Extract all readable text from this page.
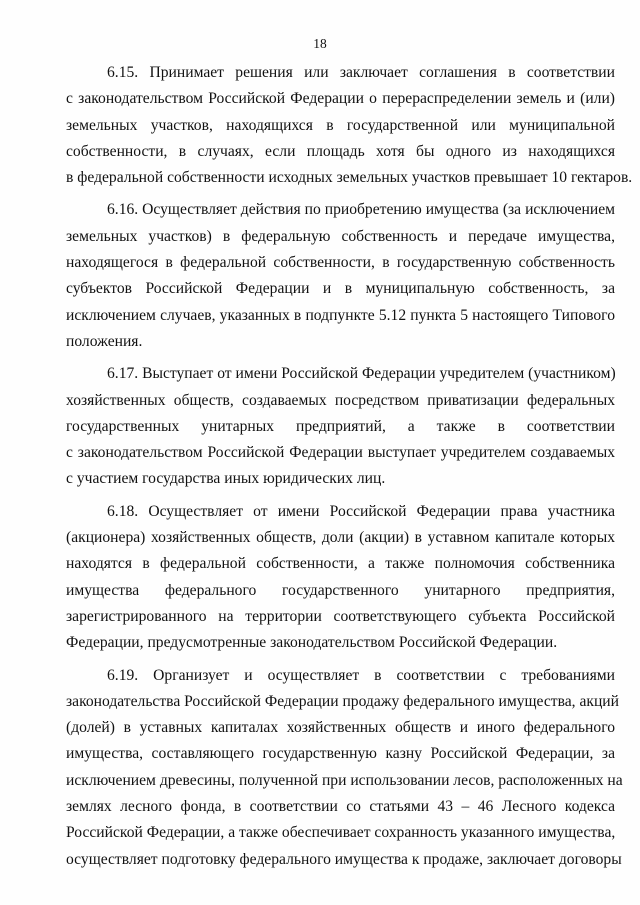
18
6.15. Принимает решения или заключает соглашения в соответствии
с законодательством Российской Федерации о перераспределении земель и (или)
земельных участков, находящихся в государственной или муниципальной
собственности, в случаях, если площадь хотя бы одного из находящихся
в федеральной собственности исходных земельных участков превышает 10 гектаров.
6.16. Осуществляет действия по приобретению имущества (за исключением
земельных участков) в федеральную собственность и передаче имущества,
находящегося в федеральной собственности, в государственную собственность
субъектов Российской Федерации и в муниципальную собственность, за
исключением случаев, указанных в подпункте 5.12 пункта 5 настоящего Типового
положения.
6.17. Выступает от имени Российской Федерации учредителем (участником)
хозяйственных обществ, создаваемых посредством приватизации федеральных
государственных унитарных предприятий, а также в соответствии
с законодательством Российской Федерации выступает учредителем создаваемых
с участием государства иных юридических лиц.
6.18. Осуществляет от имени Российской Федерации права участника
(акционера) хозяйственных обществ, доли (акции) в уставном капитале которых
находятся в федеральной собственности, а также полномочия собственника
имущества федерального государственного унитарного предприятия,
зарегистрированного на территории соответствующего субъекта Российской
Федерации, предусмотренные законодательством Российской Федерации.
6.19. Организует и осуществляет в соответствии с требованиями
законодательства Российской Федерации продажу федерального имущества, акций
(долей) в уставных капиталах хозяйственных обществ и иного федерального
имущества, составляющего государственную казну Российской Федерации, за
исключением древесины, полученной при использовании лесов, расположенных на
землях лесного фонда, в соответствии со статьями 43 – 46 Лесного кодекса
Российской Федерации, а также обеспечивает сохранность указанного имущества,
осуществляет подготовку федерального имущества к продаже, заключает договоры
